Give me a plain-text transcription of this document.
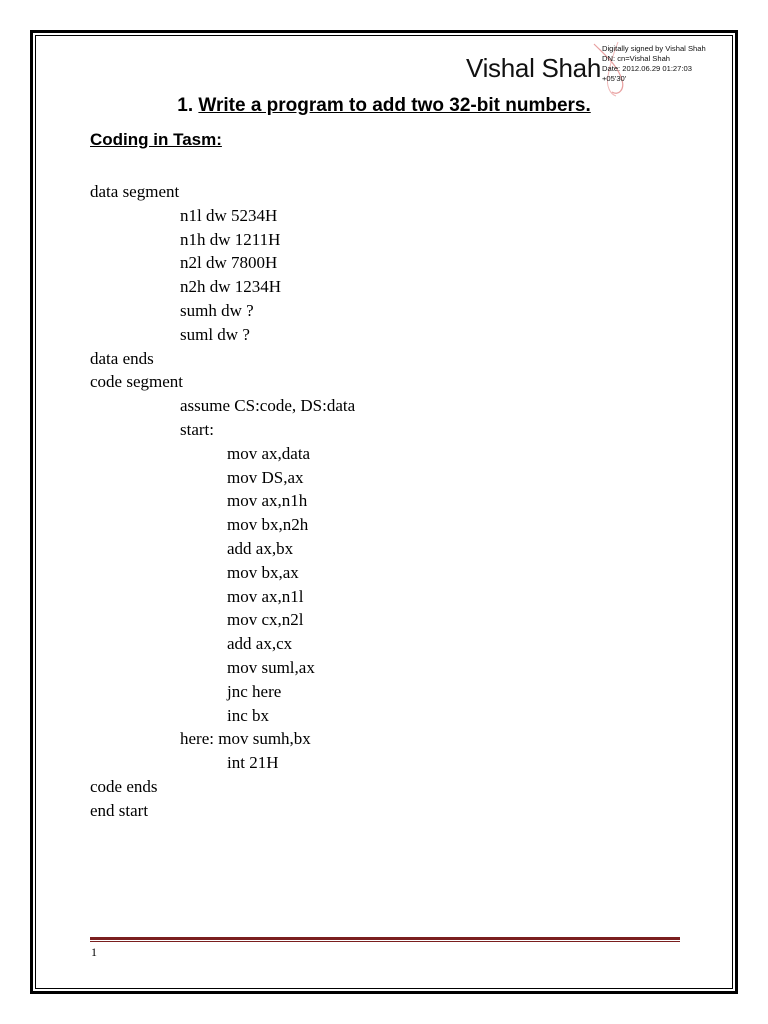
Vishal Shah
Digitally signed by Vishal Shah
DN: cn=Vishal Shah
Date: 2012.06.29 01:27:03
+05'30'
1. Write a program to add two 32-bit numbers.
Coding in Tasm:
data segment
n1l dw 5234H
n1h dw 1211H
n2l dw 7800H
n2h dw 1234H
sumh dw ?
suml dw ?
data ends
code segment
assume CS:code, DS:data
start:
mov ax,data
mov DS,ax
mov ax,n1h
mov bx,n2h
add ax,bx
mov bx,ax
mov ax,n1l
mov cx,n2l
add ax,cx
mov suml,ax
jnc here
inc bx
here: mov sumh,bx
int 21H
code ends
end start
1
